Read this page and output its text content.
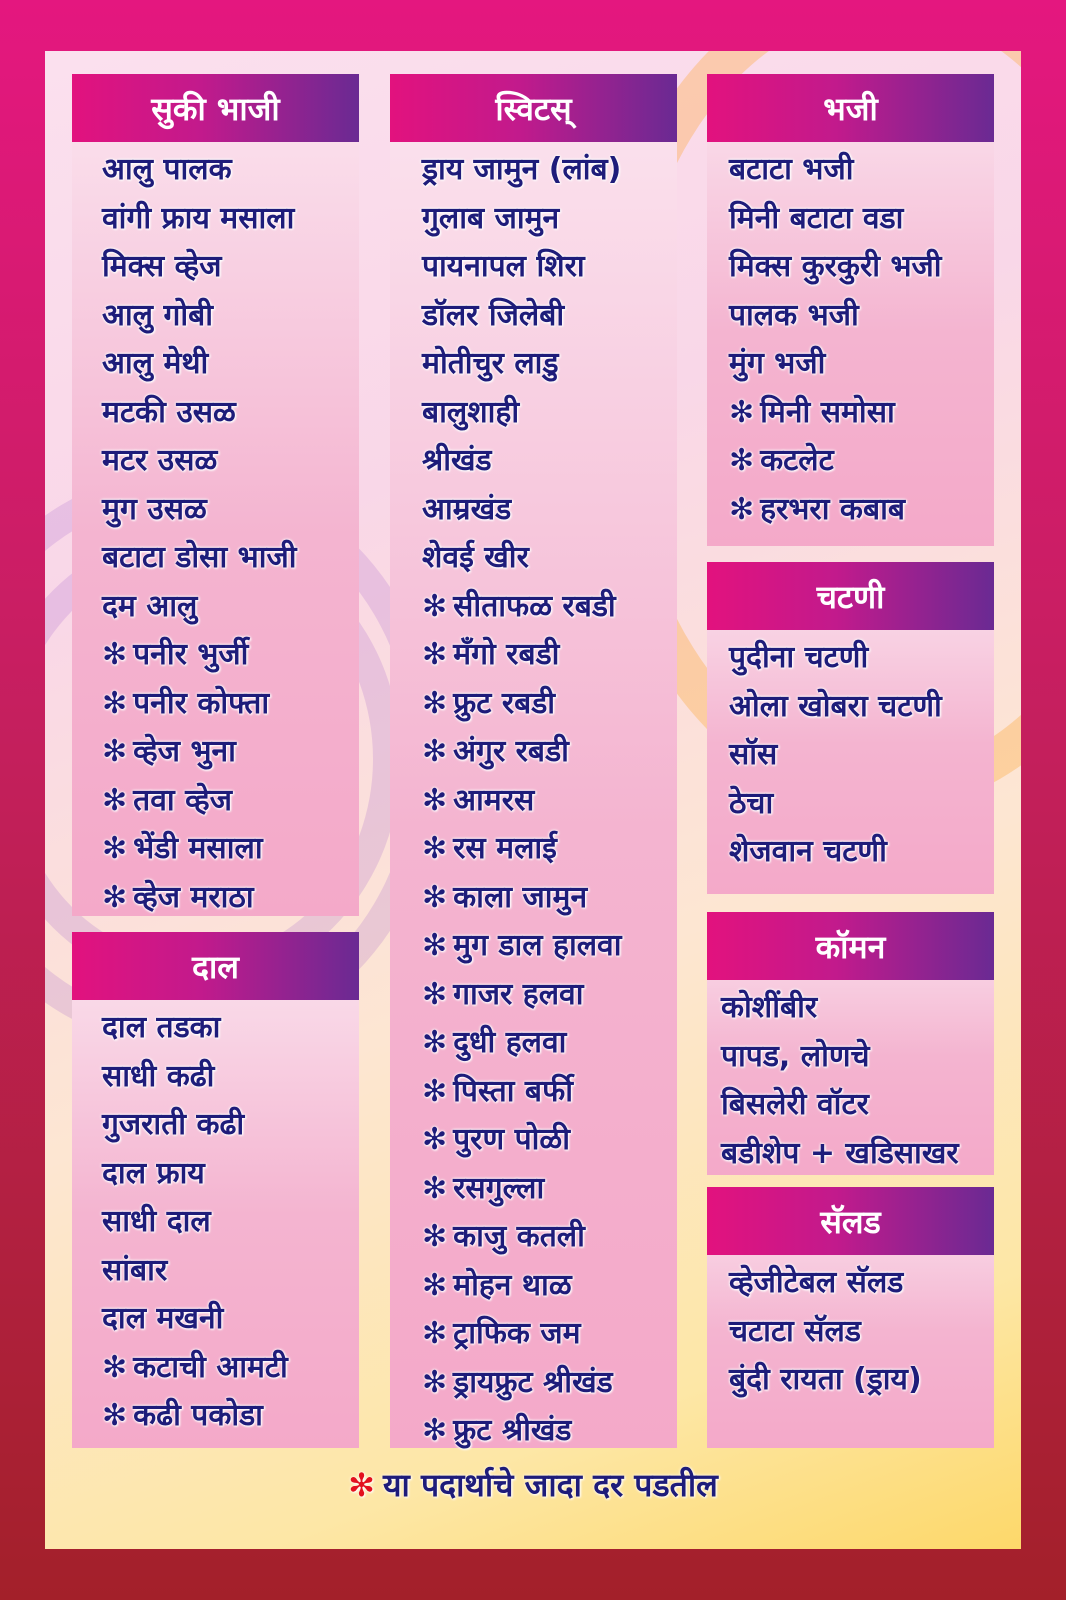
सुकी भाजी
आलु पालक
वांगी फ्राय मसाला
मिक्स व्हेज
आलु गोबी
आलु मेथी
मटकी उसळ
मटर उसळ
मुग उसळ
बटाटा डोसा भाजी
दम आलु
✻ पनीर भुर्जी
✻ पनीर कोफ्ता
✻ व्हेज भुना
✻ तवा व्हेज
✻ भेंडी मसाला
✻ व्हेज मराठा
दाल
दाल तडका
साधी कढी
गुजराती कढी
दाल फ्राय
साधी दाल
सांबार
दाल मखनी
✻ कटाची आमटी
✻ कढी पकोडा
स्विटस्
ड्राय जामुन (लांब)
गुलाब जामुन
पायनापल शिरा
डॉलर जिलेबी
मोतीचुर लाडु
बालुशाही
श्रीखंड
आम्रखंड
शेवई खीर
✻ सीताफळ रबडी
✻ मँगो रबडी
✻ फ्रुट रबडी
✻ अंगुर रबडी
✻ आमरस
✻ रस मलाई
✻ काला जामुन
✻ मुग डाल हालवा
✻ गाजर हलवा
✻ दुधी हलवा
✻ पिस्ता बर्फी
✻ पुरण पोळी
✻ रसगुल्ला
✻ काजु कतली
✻ मोहन थाळ
✻ ट्राफिक जम
✻ ड्रायफ्रुट श्रीखंड
✻ फ्रुट श्रीखंड
भजी
बटाटा भजी
मिनी बटाटा वडा
मिक्स कुरकुरी भजी
पालक भजी
मुंग भजी
✻ मिनी समोसा
✻ कटलेट
✻ हरभरा कबाब
चटणी
पुदीना चटणी
ओला खोबरा चटणी
सॉस
ठेचा
शेजवान चटणी
कॉमन
कोशींबीर
पापड, लोणचे
बिसलेरी वॉटर
बडीशेप + खडिसाखर
सॅलड
व्हेजीटेबल सॅलड
चटाटा सॅलड
बुंदी रायता (ड्राय)
✻ या पदार्थाचे जादा दर पडतील
